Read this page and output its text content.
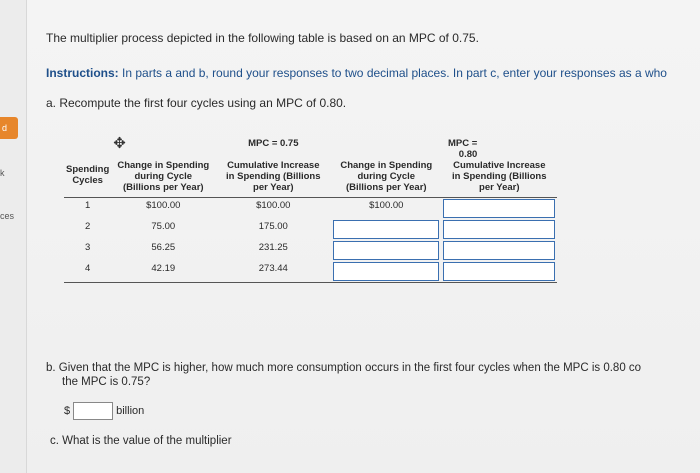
d
k
ces
The multiplier process depicted in the following table is based on an MPC of 0.75.
Instructions: In parts a and b, round your responses to two decimal places. In part c, enter your responses as a who
a. Recompute the first four cycles using an MPC of 0.80.
Spending
Cycles	✥	MPC = 0.75		MPC = 0.80
	Change in Spending	Cumulative Increase	Change in Spending	Cumulative Increase
	during Cycle	in Spending (Billions	during Cycle	in Spending (Billions
	(Billions per Year)	per Year)	(Billions per Year)	per Year)
1	$100.00	$100.00	$100.00	

2	75.00	175.00	

3	56.25	231.25	

4	42.19	273.44	

b. Given that the MPC is higher, how much more consumption occurs in the first four cycles when the MPC is 0.80 co
the MPC is 0.75?
$	billion
c. What is the value of the multiplier
